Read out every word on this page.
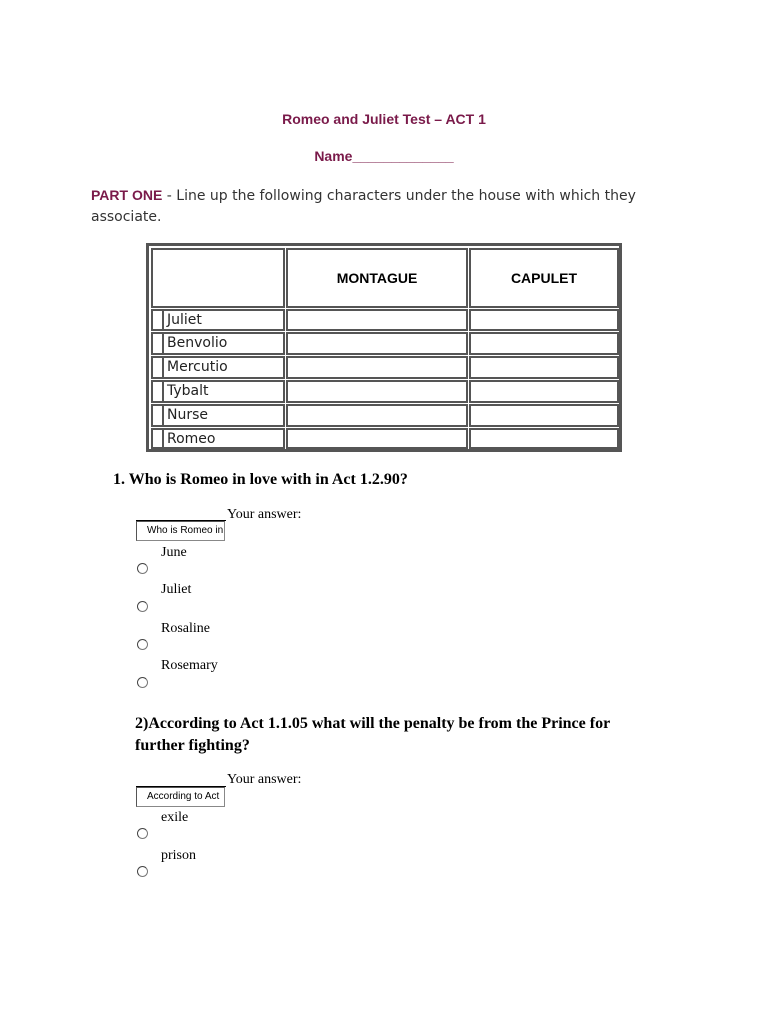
Romeo and Juliet Test – ACT 1
Name_____________
PART ONE - Line up the following characters under the house with which they associate.
MONTAGUE	CAPULET
Juliet
Benvolio
Mercutio
Tybalt
Nurse
Romeo
1. Who is Romeo in love with in Act 1.2.90?
Your answer:
Who is Romeo in
June
Juliet
Rosaline
Rosemary
2)According to Act 1.1.05 what will the penalty be from the Prince for further fighting?
Your answer:
According to Act
exile
prison
